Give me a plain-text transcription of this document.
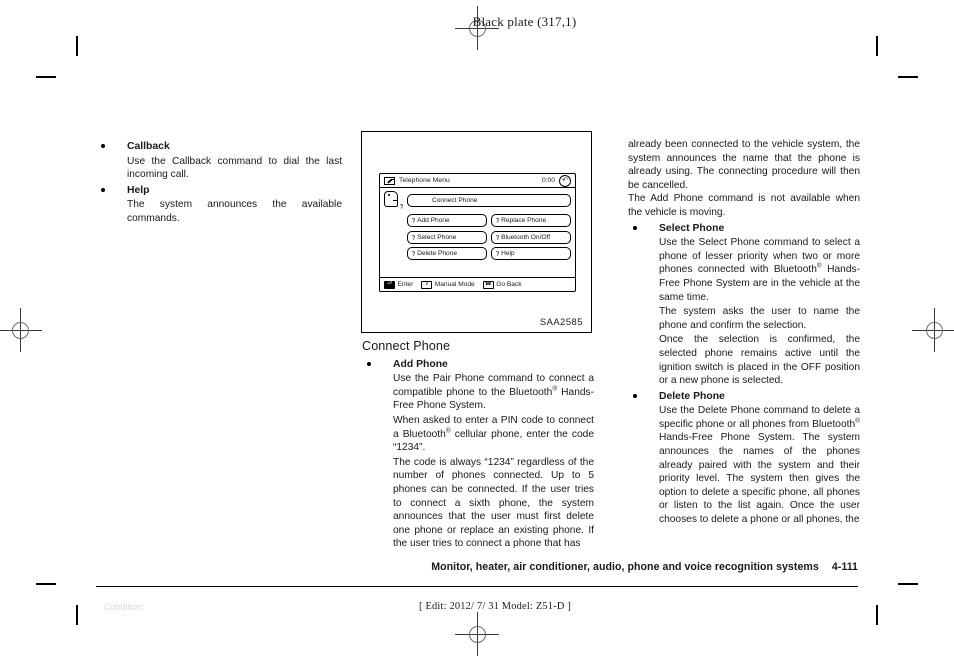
Black plate (317,1)
Callback
Use the Callback command to dial the last incoming call.
Help
The system announces the available commands.
Telephone Menu	0:00	↶
⁊
Connect Phone
⁊ Add Phone	⁊ Replace Phone
⁊ Select Phone	⁊ Bluetooth On/Off
⁊ Delete Phone	⁊ Help
⏎ Enter	⇕ Manual Mode	☎ Go Back
SAA2585
Connect Phone
Add Phone
Use the Pair Phone command to connect a compatible phone to the Bluetooth® Hands-Free Phone System.
When asked to enter a PIN code to connect a Bluetooth® cellular phone, enter the code “1234”.
The code is always “1234” regardless of the number of phones connected. Up to 5 phones can be connected. If the user tries to connect a sixth phone, the system announces that the user must first delete one phone or replace an existing phone. If the user tries to connect a phone that has

already been connected to the vehicle system, the system announces the name that the phone is already using. The connecting procedure will then be cancelled.

The Add Phone command is not available when the vehicle is moving.

Select Phone
Use the Select Phone command to select a phone of lesser priority when two or more phones connected with Bluetooth® Hands-Free Phone System are in the vehicle at the same time.
The system asks the user to name the phone and confirm the selection.
Once the selection is confirmed, the selected phone remains active until the ignition switch is placed in the OFF position or a new phone is selected.
Delete Phone
Use the Delete Phone command to delete a specific phone or all phones from Bluetooth® Hands-Free Phone System. The system announces the names of the phones already paired with the system and their priority level. The system then gives the option to delete a specific phone, all phones or listen to the list again. Once the user chooses to delete a phone or all phones, the
Monitor, heater, air conditioner, audio, phone and voice recognition systems 4-111
Condition:	[ Edit: 2012/ 7/ 31 Model: Z51-D ]
